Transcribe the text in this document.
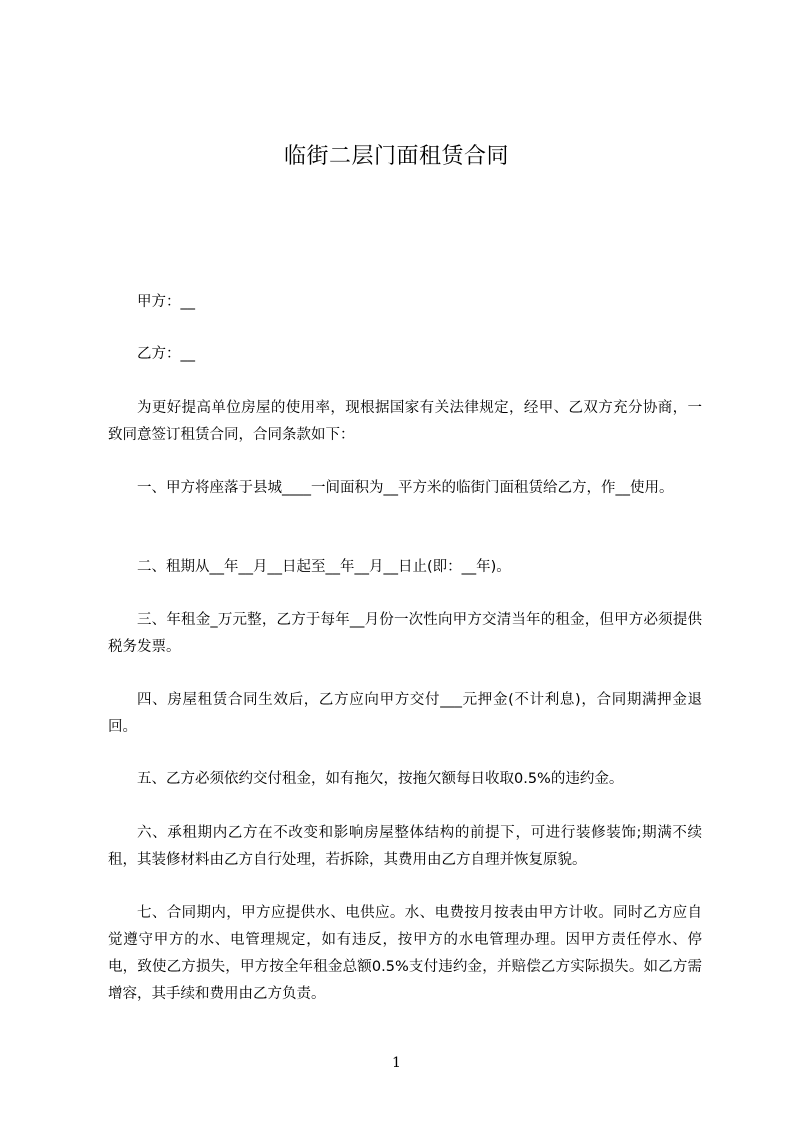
临街二层门面租赁合同

甲方：__

乙方：__

为更好提高单位房屋的使用率，现根据国家有关法律规定，经甲、乙双方充分协商，一致同意签订租赁合同，合同条款如下：

一、甲方将座落于县城____一间面积为__平方米的临街门面租赁给乙方，作__使用。

二、租期从__年__月__日起至__年__月__日止(即：__年)。

三、年租金_万元整，乙方于每年__月份一次性向甲方交清当年的租金，但甲方必须提供税务发票。

四、房屋租赁合同生效后，乙方应向甲方交付___元押金(不计利息)，合同期满押金退回。

五、乙方必须依约交付租金，如有拖欠，按拖欠额每日收取0.5%的违约金。

六、承租期内乙方在不改变和影响房屋整体结构的前提下，可进行装修装饰;期满不续租，其装修材料由乙方自行处理，若拆除，其费用由乙方自理并恢复原貌。

七、合同期内，甲方应提供水、电供应。水、电费按月按表由甲方计收。同时乙方应自觉遵守甲方的水、电管理规定，如有违反，按甲方的水电管理办理。因甲方责任停水、停电，致使乙方损失，甲方按全年租金总额0.5%支付违约金，并赔偿乙方实际损失。如乙方需增容，其手续和费用由乙方负责。

1
